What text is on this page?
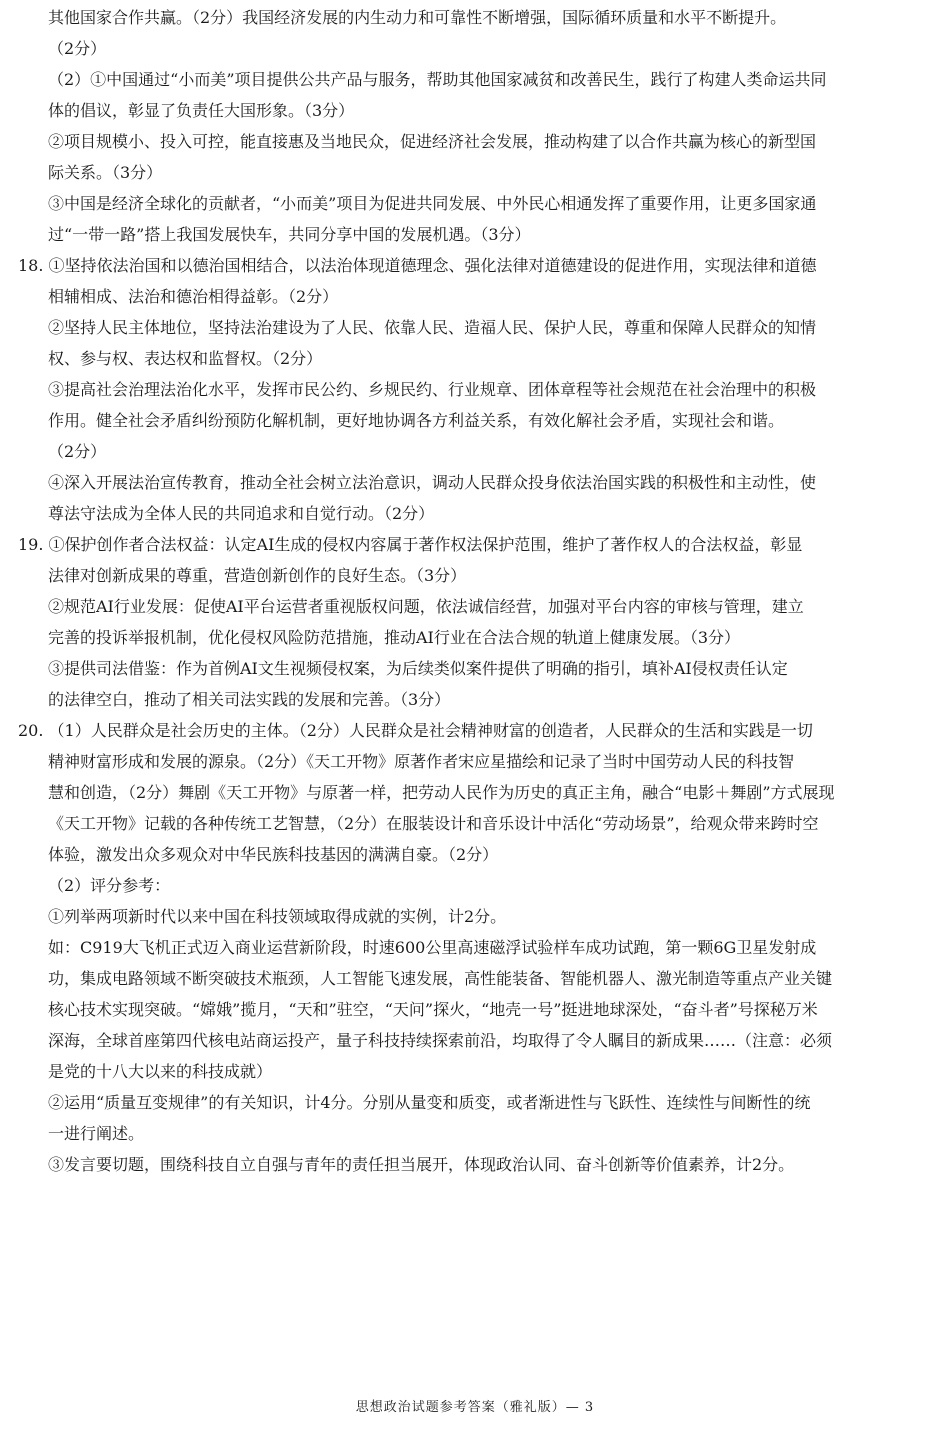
其他国家合作共赢。（2分）我国经济发展的内生动力和可靠性不断增强，国际循环质量和水平不断提升。
（2分）
（2）①中国通过“小而美”项目提供公共产品与服务，帮助其他国家减贫和改善民生，践行了构建人类命运共同
体的倡议，彰显了负责任大国形象。（3分）
②项目规模小、投入可控，能直接惠及当地民众，促进经济社会发展，推动构建了以合作共赢为核心的新型国
际关系。（3分）
③中国是经济全球化的贡献者，“小而美”项目为促进共同发展、中外民心相通发挥了重要作用，让更多国家通
过“一带一路”搭上我国发展快车，共同分享中国的发展机遇。（3分）
18. ①坚持依法治国和以德治国相结合，以法治体现道德理念、强化法律对道德建设的促进作用，实现法律和道德
相辅相成、法治和德治相得益彰。（2分）
②坚持人民主体地位，坚持法治建设为了人民、依靠人民、造福人民、保护人民，尊重和保障人民群众的知情
权、参与权、表达权和监督权。（2分）
③提高社会治理法治化水平，发挥市民公约、乡规民约、行业规章、团体章程等社会规范在社会治理中的积极
作用。健全社会矛盾纠纷预防化解机制，更好地协调各方利益关系，有效化解社会矛盾，实现社会和谐。
（2分）
④深入开展法治宣传教育，推动全社会树立法治意识，调动人民群众投身依法治国实践的积极性和主动性，使
尊法守法成为全体人民的共同追求和自觉行动。（2分）
19. ①保护创作者合法权益：认定AI生成的侵权内容属于著作权法保护范围，维护了著作权人的合法权益，彰显
法律对创新成果的尊重，营造创新创作的良好生态。（3分）
②规范AI行业发展：促使AI平台运营者重视版权问题，依法诚信经营，加强对平台内容的审核与管理，建立
完善的投诉举报机制，优化侵权风险防范措施，推动AI行业在合法合规的轨道上健康发展。（3分）
③提供司法借鉴：作为首例AI文生视频侵权案，为后续类似案件提供了明确的指引，填补AI侵权责任认定
的法律空白，推动了相关司法实践的发展和完善。（3分）
20. （1）人民群众是社会历史的主体。（2分）人民群众是社会精神财富的创造者，人民群众的生活和实践是一切
精神财富形成和发展的源泉。（2分）《天工开物》原著作者宋应星描绘和记录了当时中国劳动人民的科技智
慧和创造，（2分）舞剧《天工开物》与原著一样，把劳动人民作为历史的真正主角，融合“电影＋舞剧”方式展现
《天工开物》记载的各种传统工艺智慧，（2分）在服装设计和音乐设计中活化“劳动场景”，给观众带来跨时空
体验，激发出众多观众对中华民族科技基因的满满自豪。（2分）
（2）评分参考：
①列举两项新时代以来中国在科技领域取得成就的实例，计2分。
如：C919大飞机正式迈入商业运营新阶段，时速600公里高速磁浮试验样车成功试跑，第一颗6G卫星发射成
功，集成电路领域不断突破技术瓶颈，人工智能飞速发展，高性能装备、智能机器人、激光制造等重点产业关键
核心技术实现突破。“嫦娥”揽月，“天和”驻空，“天问”探火，“地壳一号”挺进地球深处，“奋斗者”号探秘万米
深海，全球首座第四代核电站商运投产，量子科技持续探索前沿，均取得了令人瞩目的新成果……（注意：必须
是党的十八大以来的科技成就）
②运用“质量互变规律”的有关知识，计4分。分别从量变和质变，或者渐进性与飞跃性、连续性与间断性的统
一进行阐述。
③发言要切题，围绕科技自立自强与青年的责任担当展开，体现政治认同、奋斗创新等价值素养，计2分。
思想政治试题参考答案（雅礼版）— 3
